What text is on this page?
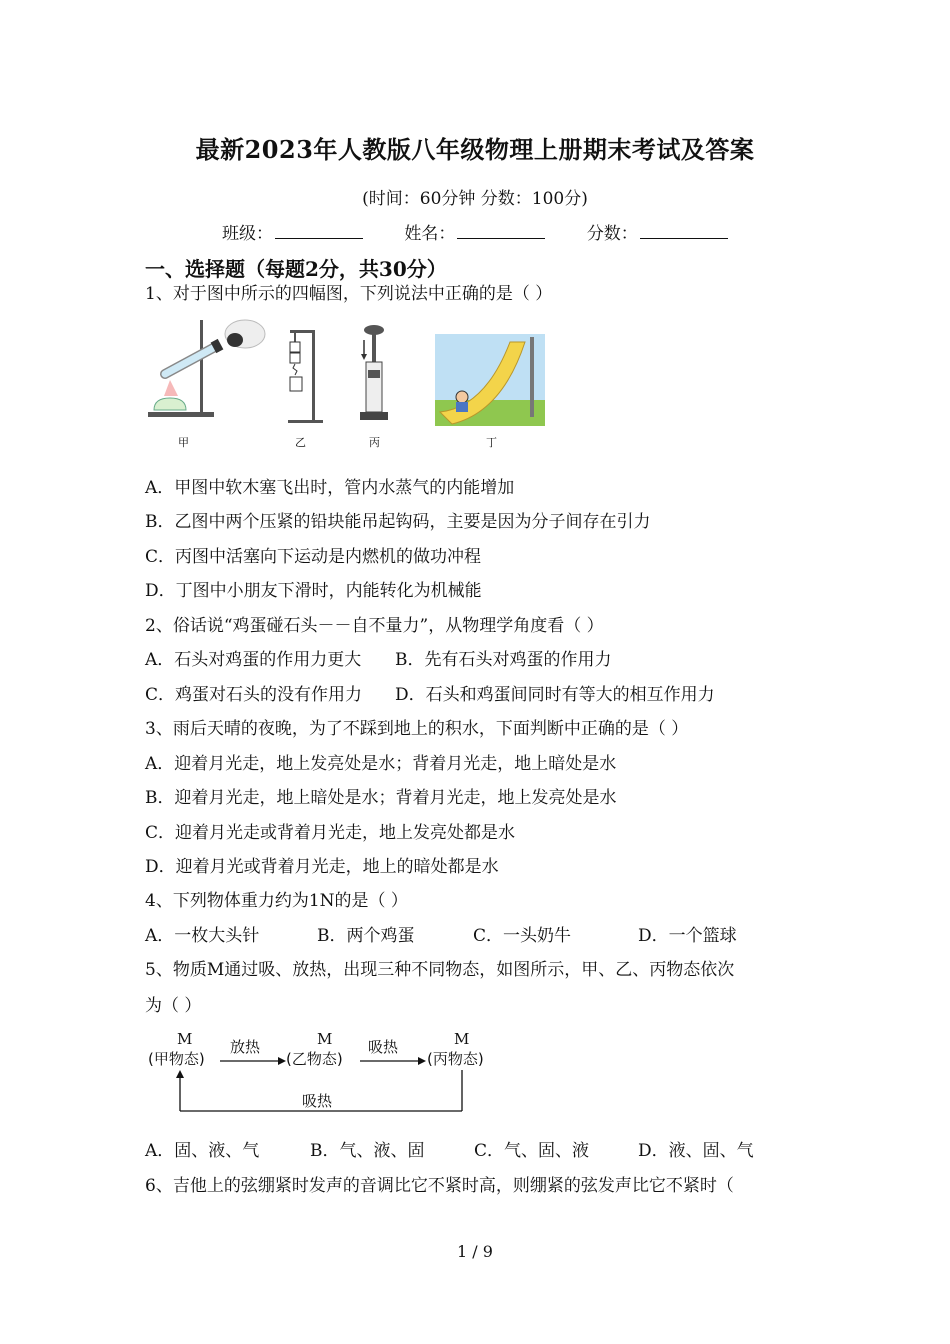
最新2023年人教版八年级物理上册期末考试及答案
(时间：60分钟 分数：100分)
班级：	姓名：	分数：
一、选择题（每题2分，共30分）
1、对于图中所示的四幅图，下列说法中正确的是（ ）
甲	乙	丙	丁
A．甲图中软木塞飞出时，管内水蒸气的内能增加
B．乙图中两个压紧的铅块能吊起钩码，主要是因为分子间存在引力
C．丙图中活塞向下运动是内燃机的做功冲程
D．丁图中小朋友下滑时，内能转化为机械能
2、俗话说“鸡蛋碰石头－－自不量力”，从物理学角度看（ ）
A．石头对鸡蛋的作用力更大 B．先有石头对鸡蛋的作用力
C．鸡蛋对石头的没有作用力 D．石头和鸡蛋间同时有等大的相互作用力
3、雨后天晴的夜晚，为了不踩到地上的积水，下面判断中正确的是（ ）
A．迎着月光走，地上发亮处是水；背着月光走，地上暗处是水
B．迎着月光走，地上暗处是水；背着月光走，地上发亮处是水
C．迎着月光走或背着月光走，地上发亮处都是水
D．迎着月光或背着月光走，地上的暗处都是水
4、下列物体重力约为1N的是（ ）
A．一枚大头针	B．两个鸡蛋	C．一头奶牛	D．一个篮球
5、物质M通过吸、放热，出现三种不同物态，如图所示，甲、乙、丙物态依次
为（ ）
M
(甲物态)
放热	M
(乙物态)
吸热	M
(丙物态)
吸热
A．固、液、气	B．气、液、固	C．气、固、液	D．液、固、气
6、吉他上的弦绷紧时发声的音调比它不紧时高，则绷紧的弦发声比它不紧时（
1 / 9
